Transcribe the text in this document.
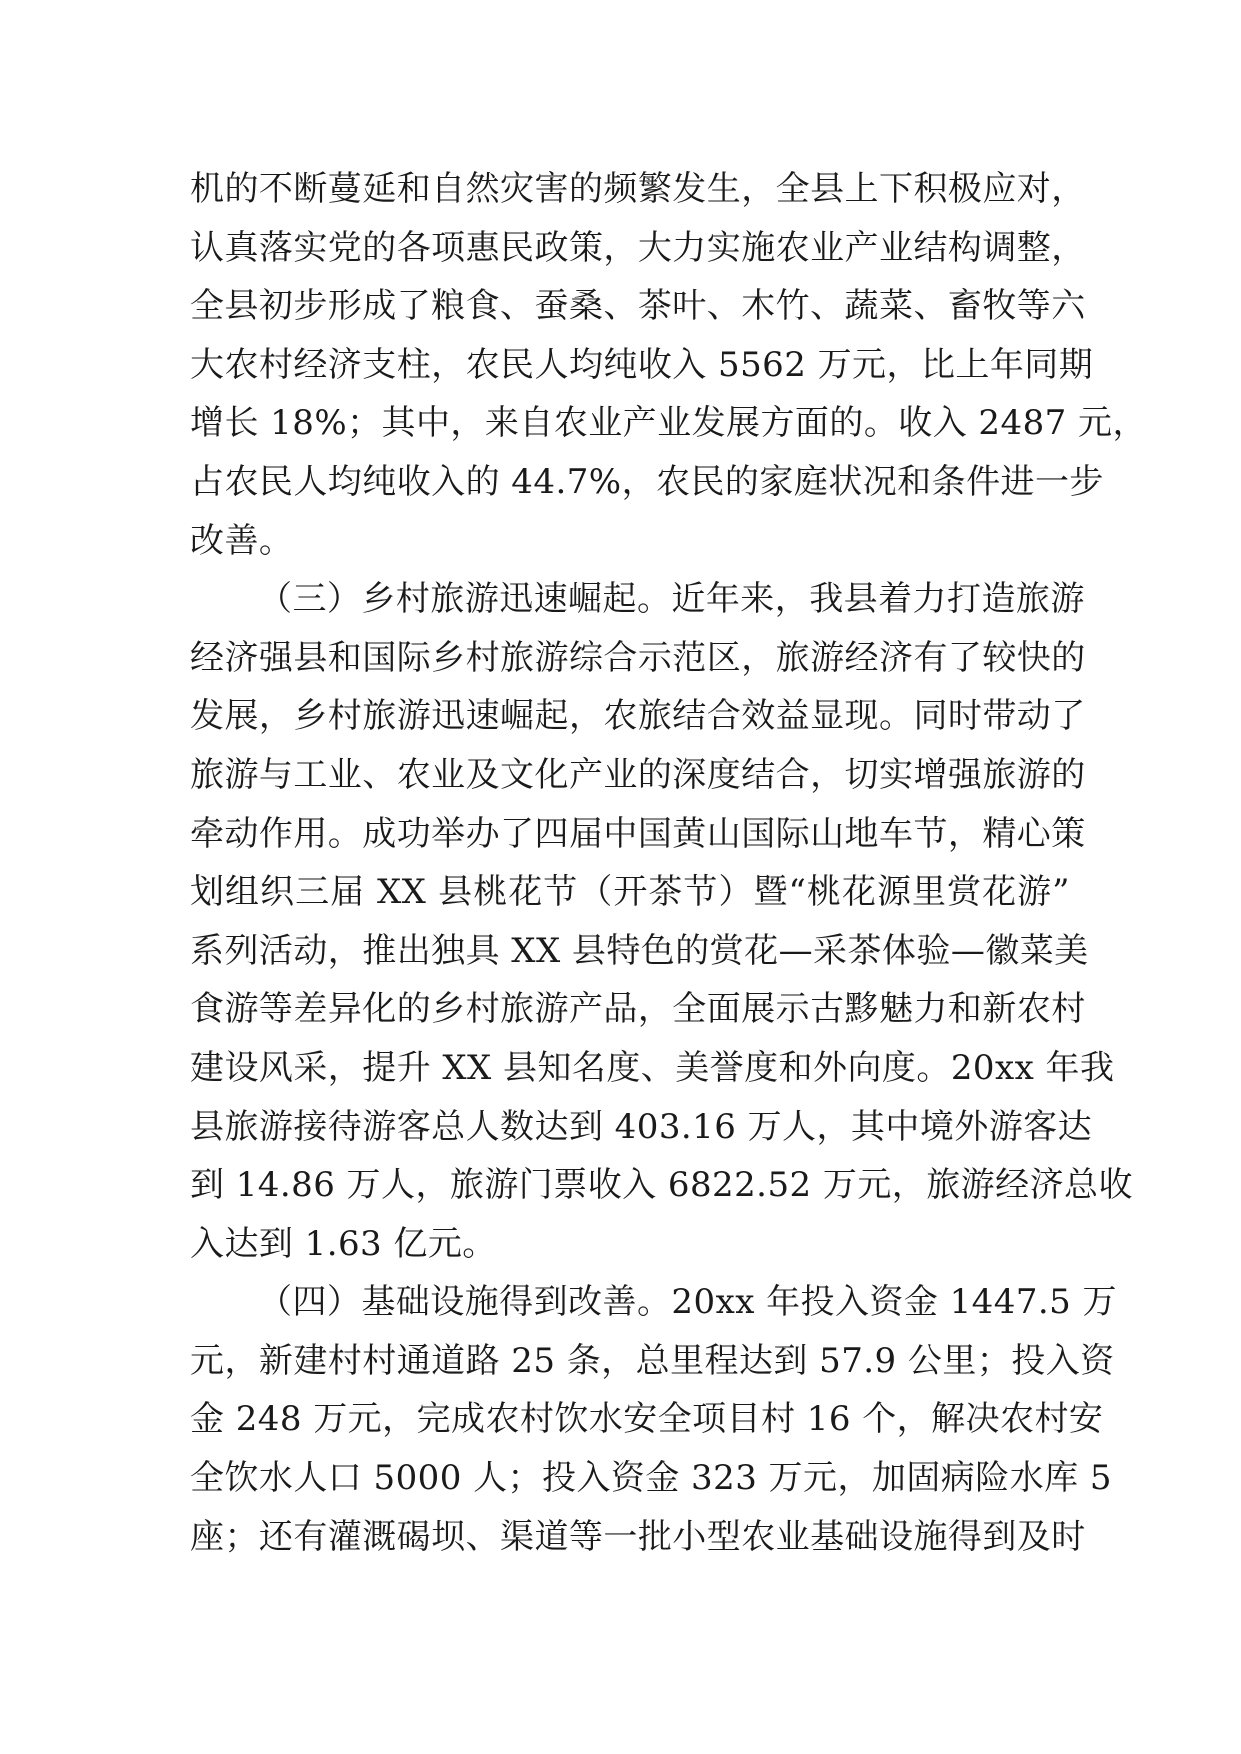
机的不断蔓延和自然灾害的频繁发生，全县上下积极应对，
认真落实党的各项惠民政策，大力实施农业产业结构调整，
全县初步形成了粮食、蚕桑、茶叶、木竹、蔬菜、畜牧等六
大农村经济支柱，农民人均纯收入 5562 万元，比上年同期
增长 18%；其中，来自农业产业发展方面的。收入 2487 元，
占农民人均纯收入的 44.7%，农民的家庭状况和条件进一步
改善。
（三）乡村旅游迅速崛起。近年来，我县着力打造旅游
经济强县和国际乡村旅游综合示范区，旅游经济有了较快的
发展，乡村旅游迅速崛起，农旅结合效益显现。同时带动了
旅游与工业、农业及文化产业的深度结合，切实增强旅游的
牵动作用。成功举办了四届中国黄山国际山地车节，精心策
划组织三届 XX 县桃花节（开茶节）暨“桃花源里赏花游”
系列活动，推出独具 XX 县特色的赏花—采茶体验—徽菜美
食游等差异化的乡村旅游产品，全面展示古黟魅力和新农村
建设风采，提升 XX 县知名度、美誉度和外向度。20xx 年我
县旅游接待游客总人数达到 403.16 万人，其中境外游客达
到 14.86 万人，旅游门票收入 6822.52 万元，旅游经济总收
入达到 1.63 亿元。
（四）基础设施得到改善。20xx 年投入资金 1447.5 万
元，新建村村通道路 25 条，总里程达到 57.9 公里；投入资
金 248 万元，完成农村饮水安全项目村 16 个，解决农村安
全饮水人口 5000 人；投入资金 323 万元，加固病险水库 5
座；还有灌溉碣坝、渠道等一批小型农业基础设施得到及时
